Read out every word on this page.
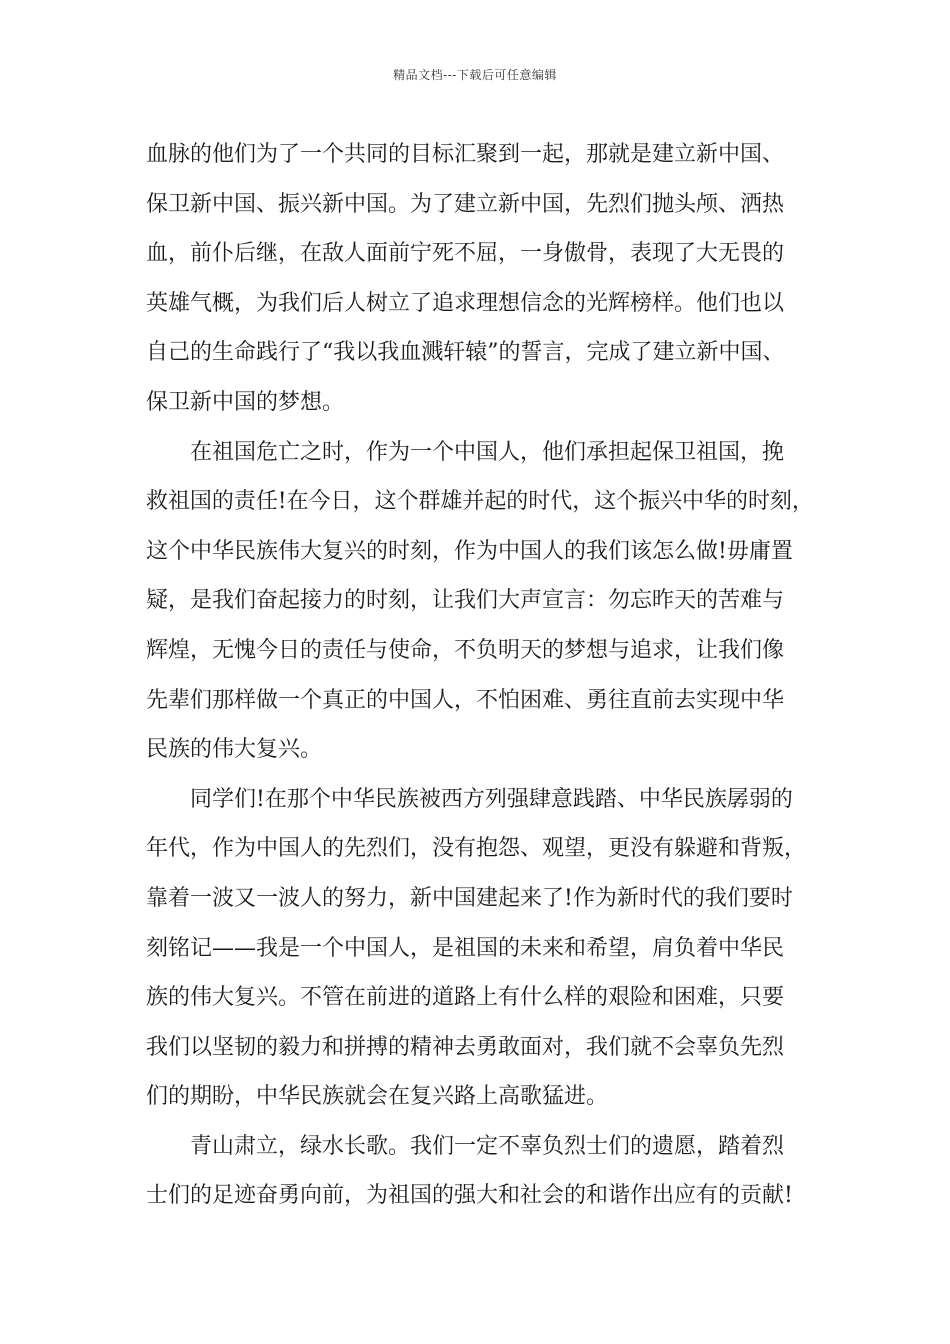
精品文档---下载后可任意编辑
血脉的他们为了一个共同的目标汇聚到一起，那就是建立新中国、
保卫新中国、振兴新中国。为了建立新中国，先烈们抛头颅、洒热
血，前仆后继，在敌人面前宁死不屈，一身傲骨，表现了大无畏的
英雄气概，为我们后人树立了追求理想信念的光辉榜样。他们也以
自己的生命践行了“我以我血溅轩辕”的誓言，完成了建立新中国、
保卫新中国的梦想。
在祖国危亡之时，作为一个中国人，他们承担起保卫祖国，挽
救祖国的责任!在今日，这个群雄并起的时代，这个振兴中华的时刻，
这个中华民族伟大复兴的时刻，作为中国人的我们该怎么做!毋庸置
疑，是我们奋起接力的时刻，让我们大声宣言：勿忘昨天的苦难与
辉煌，无愧今日的责任与使命，不负明天的梦想与追求，让我们像
先辈们那样做一个真正的中国人，不怕困难、勇往直前去实现中华
民族的伟大复兴。
同学们!在那个中华民族被西方列强肆意践踏、中华民族孱弱的
年代，作为中国人的先烈们，没有抱怨、观望，更没有躲避和背叛，
靠着一波又一波人的努力，新中国建起来了!作为新时代的我们要时
刻铭记——我是一个中国人，是祖国的未来和希望，肩负着中华民
族的伟大复兴。不管在前进的道路上有什么样的艰险和困难，只要
我们以坚韧的毅力和拼搏的精神去勇敢面对，我们就不会辜负先烈
们的期盼，中华民族就会在复兴路上高歌猛进。
青山肃立，绿水长歌。我们一定不辜负烈士们的遗愿，踏着烈
士们的足迹奋勇向前，为祖国的强大和社会的和谐作出应有的贡献!
